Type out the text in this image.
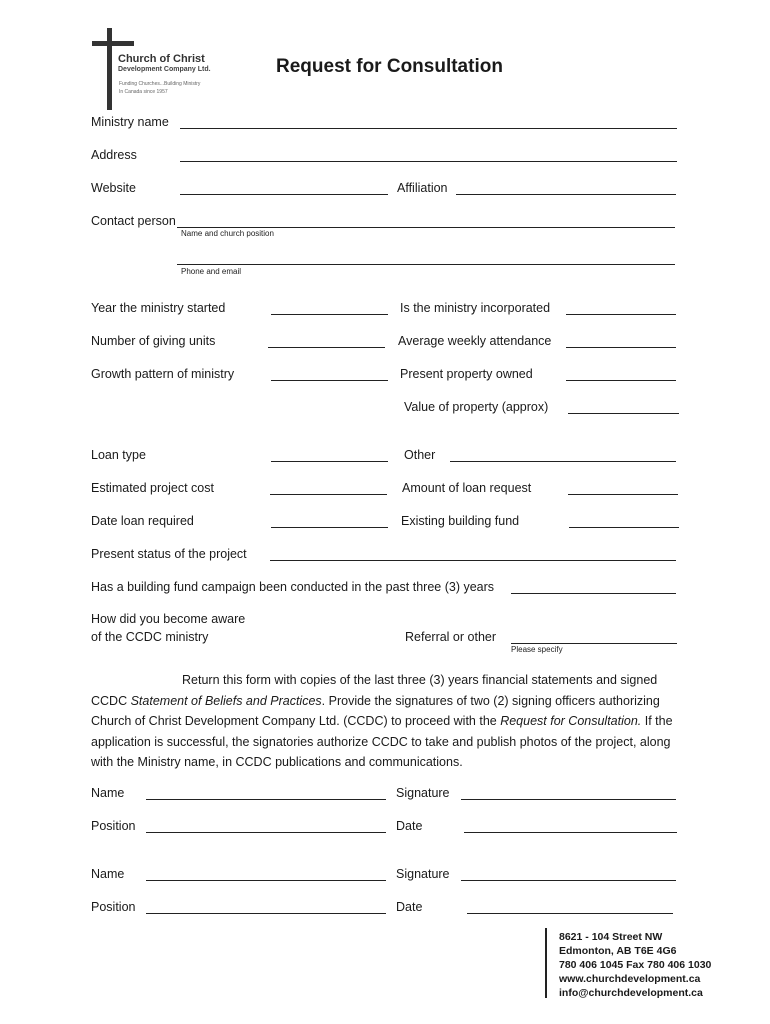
Church of Christ
Development Company Ltd.
Funding Churches...Building Ministry
In Canada since 1957
Request for Consultation
Ministry name
Address
Website	Affiliation
Contact person
Name and church position
Phone and email
Year the ministry started	Is the ministry incorporated
Number of giving units	Average weekly attendance
Growth pattern of ministry	Present property owned
Value of property (approx)
Loan type	Other
Estimated project cost	Amount of loan request
Date loan required	Existing building fund
Present status of the project
Has a building fund campaign been conducted in the past three (3) years
How did you become aware
of the CCDC ministry	Referral or other
Please specify

Return this form with copies of the last three (3) years financial statements and signed

CCDC Statement of Beliefs and Practices. Provide the signatures of two (2) signing officers authorizing

Church of Christ Development Company Ltd. (CCDC) to proceed with the Request for Consultation. If the

application is successful, the signatories authorize CCDC to take and publish photos of the project, along

with the Ministry name, in CCDC publications and communications.

Name	Signature
Position	Date
Name	Signature
Position	Date
8621 - 104 Street NW
Edmonton, AB T6E 4G6
780 406 1045 Fax 780 406 1030
www.churchdevelopment.ca
info@churchdevelopment.ca
